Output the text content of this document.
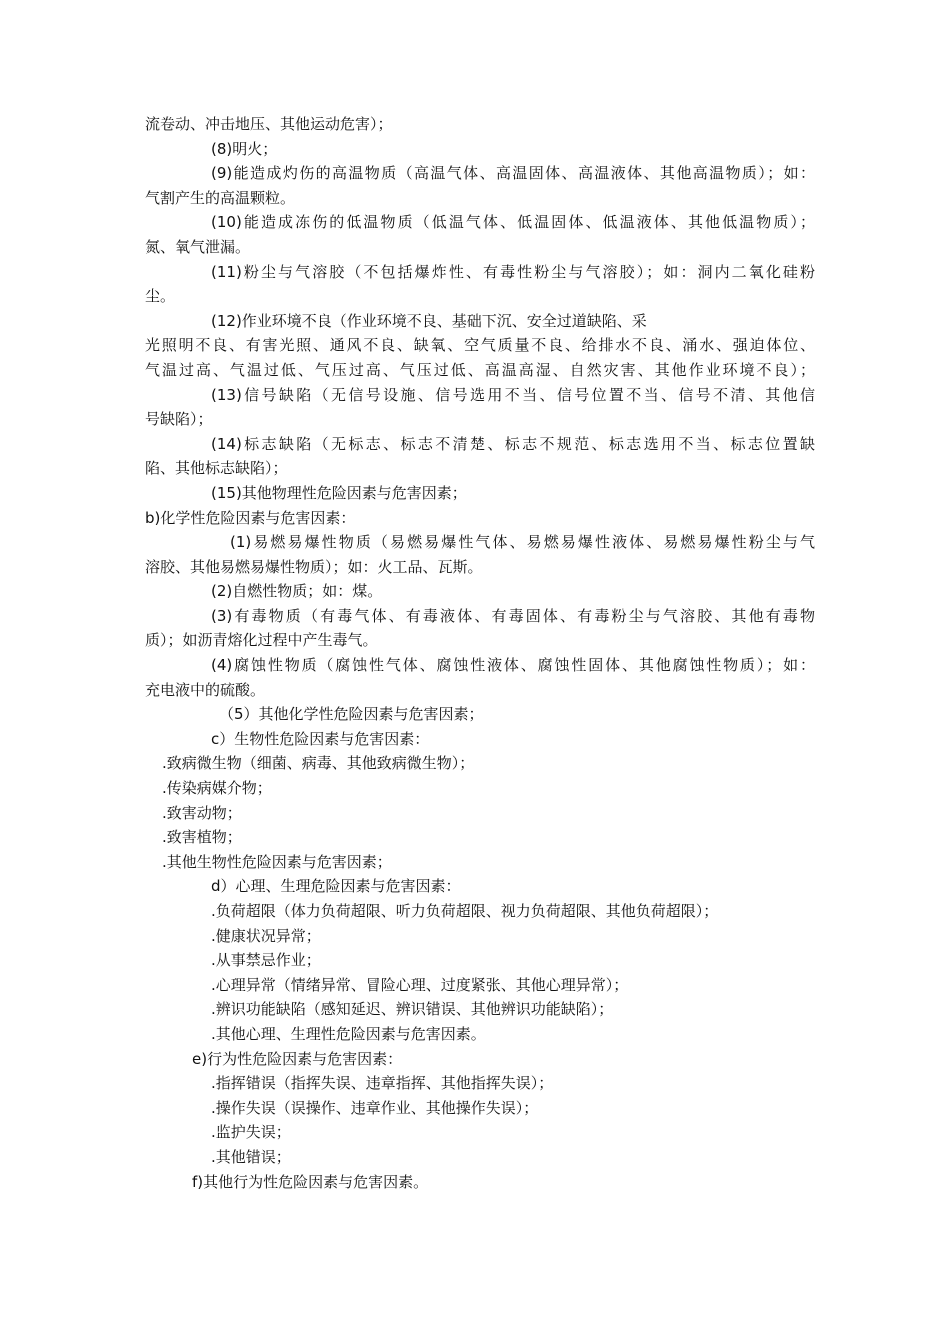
流卷动、冲击地压、其他运动危害）；
(8)明火；
(9)能造成灼伤的高温物质（高温气体、高温固体、高温液体、其他高温物质）；如：
气割产生的高温颗粒。
(10)能造成冻伤的低温物质（低温气体、低温固体、低温液体、其他低温物质）；
氮、氧气泄漏。
(11)粉尘与气溶胶（不包括爆炸性、有毒性粉尘与气溶胶）；如：洞内二氧化硅粉
尘。
(12)作业环境不良（作业环境不良、基础下沉、安全过道缺陷、采
光照明不良、有害光照、通风不良、缺氧、空气质量不良、给排水不良、涌水、强迫体位、
气温过高、气温过低、气压过高、气压过低、高温高湿、自然灾害、其他作业环境不良）；
(13)信号缺陷（无信号设施、信号选用不当、信号位置不当、信号不清、其他信
号缺陷）；
(14)标志缺陷（无标志、标志不清楚、标志不规范、标志选用不当、标志位置缺
陷、其他标志缺陷）；
(15)其他物理性危险因素与危害因素；
b)化学性危险因素与危害因素：
(1)易燃易爆性物质（易燃易爆性气体、易燃易爆性液体、易燃易爆性粉尘与气
溶胶、其他易燃易爆性物质）；如：火工品、瓦斯。
(2)自燃性物质；如：煤。
(3)有毒物质（有毒气体、有毒液体、有毒固体、有毒粉尘与气溶胶、其他有毒物
质）；如沥青熔化过程中产生毒气。
(4)腐蚀性物质（腐蚀性气体、腐蚀性液体、腐蚀性固体、其他腐蚀性物质）；如：
充电液中的硫酸。
（5）其他化学性危险因素与危害因素；
c）生物性危险因素与危害因素：
.致病微生物（细菌、病毒、其他致病微生物）；
.传染病媒介物；
.致害动物；
.致害植物；
.其他生物性危险因素与危害因素；
d）心理、生理危险因素与危害因素：
.负荷超限（体力负荷超限、听力负荷超限、视力负荷超限、其他负荷超限）；
.健康状况异常；
.从事禁忌作业；
.心理异常（情绪异常、冒险心理、过度紧张、其他心理异常）；
.辨识功能缺陷（感知延迟、辨识错误、其他辨识功能缺陷）；
.其他心理、生理性危险因素与危害因素。
e)行为性危险因素与危害因素：
.指挥错误（指挥失误、违章指挥、其他指挥失误）；
.操作失误（误操作、违章作业、其他操作失误）；
.监护失误；
.其他错误；
f)其他行为性危险因素与危害因素。
